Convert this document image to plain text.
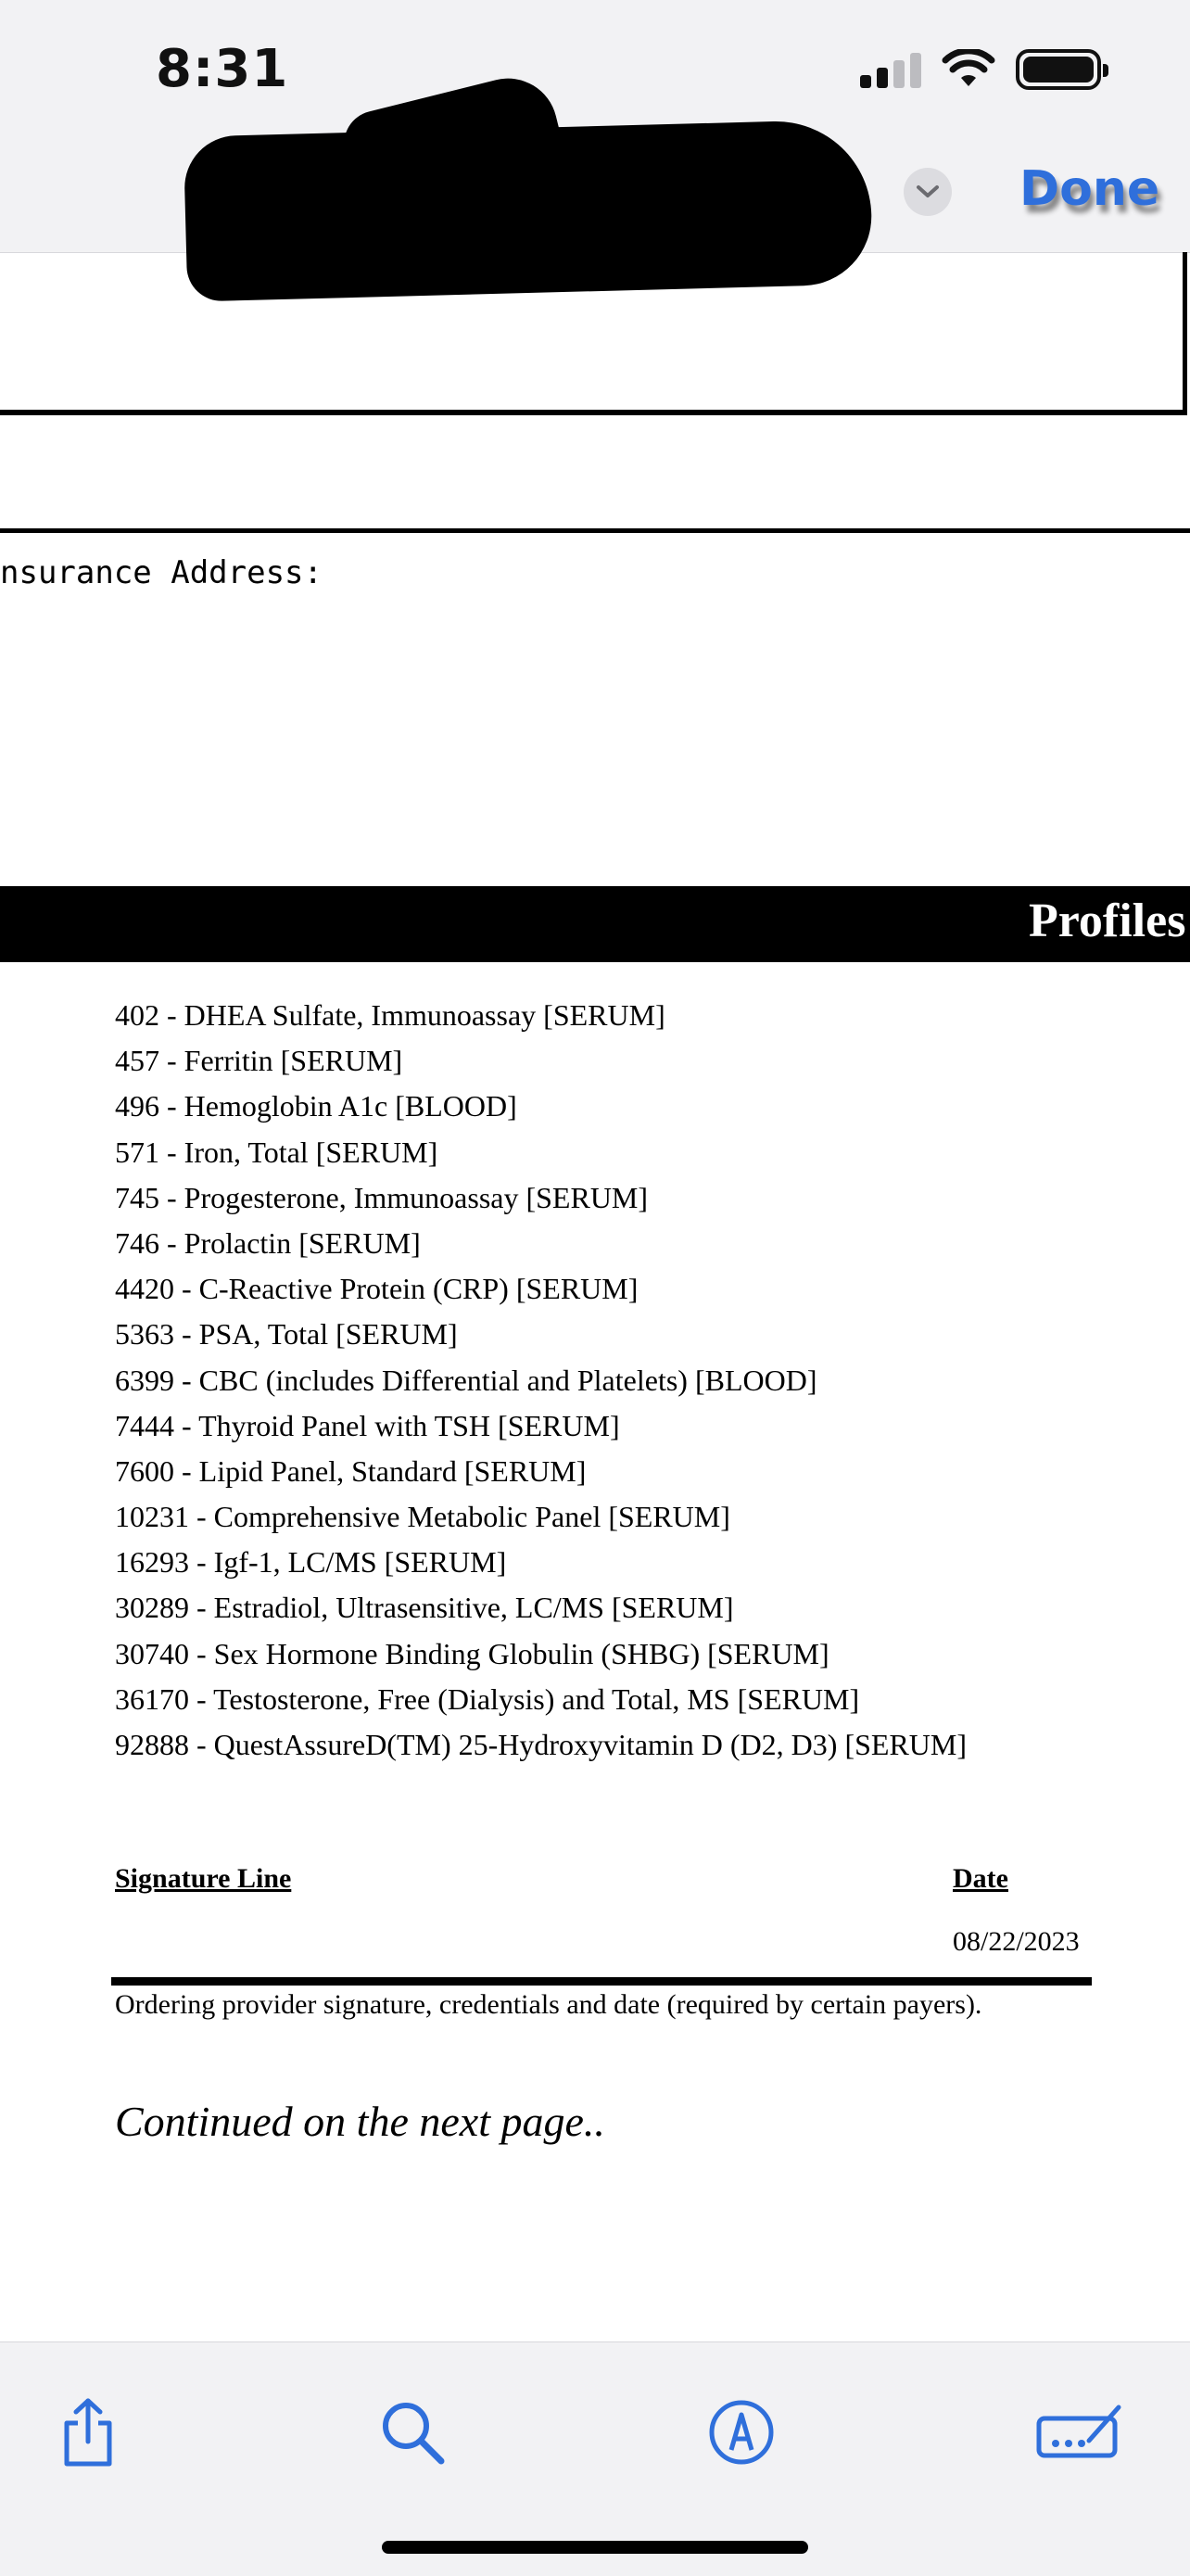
8:31
Done
nsurance Address:
Profiles
402 - DHEA Sulfate, Immunoassay [SERUM]
457 - Ferritin [SERUM]
496 - Hemoglobin A1c [BLOOD]
571 - Iron, Total [SERUM]
745 - Progesterone, Immunoassay [SERUM]
746 - Prolactin [SERUM]
4420 - C-Reactive Protein (CRP) [SERUM]
5363 - PSA, Total [SERUM]
6399 - CBC (includes Differential and Platelets) [BLOOD]
7444 - Thyroid Panel with TSH [SERUM]
7600 - Lipid Panel, Standard [SERUM]
10231 - Comprehensive Metabolic Panel [SERUM]
16293 - Igf-1, LC/MS [SERUM]
30289 - Estradiol, Ultrasensitive, LC/MS [SERUM]
30740 - Sex Hormone Binding Globulin (SHBG) [SERUM]
36170 - Testosterone, Free (Dialysis) and Total, MS [SERUM]
92888 - QuestAssureD(TM) 25-Hydroxyvitamin D (D2, D3) [SERUM]
Signature Line	Date
08/22/2023
Ordering provider signature, credentials and date (required by certain payers).
Continued on the next page..
